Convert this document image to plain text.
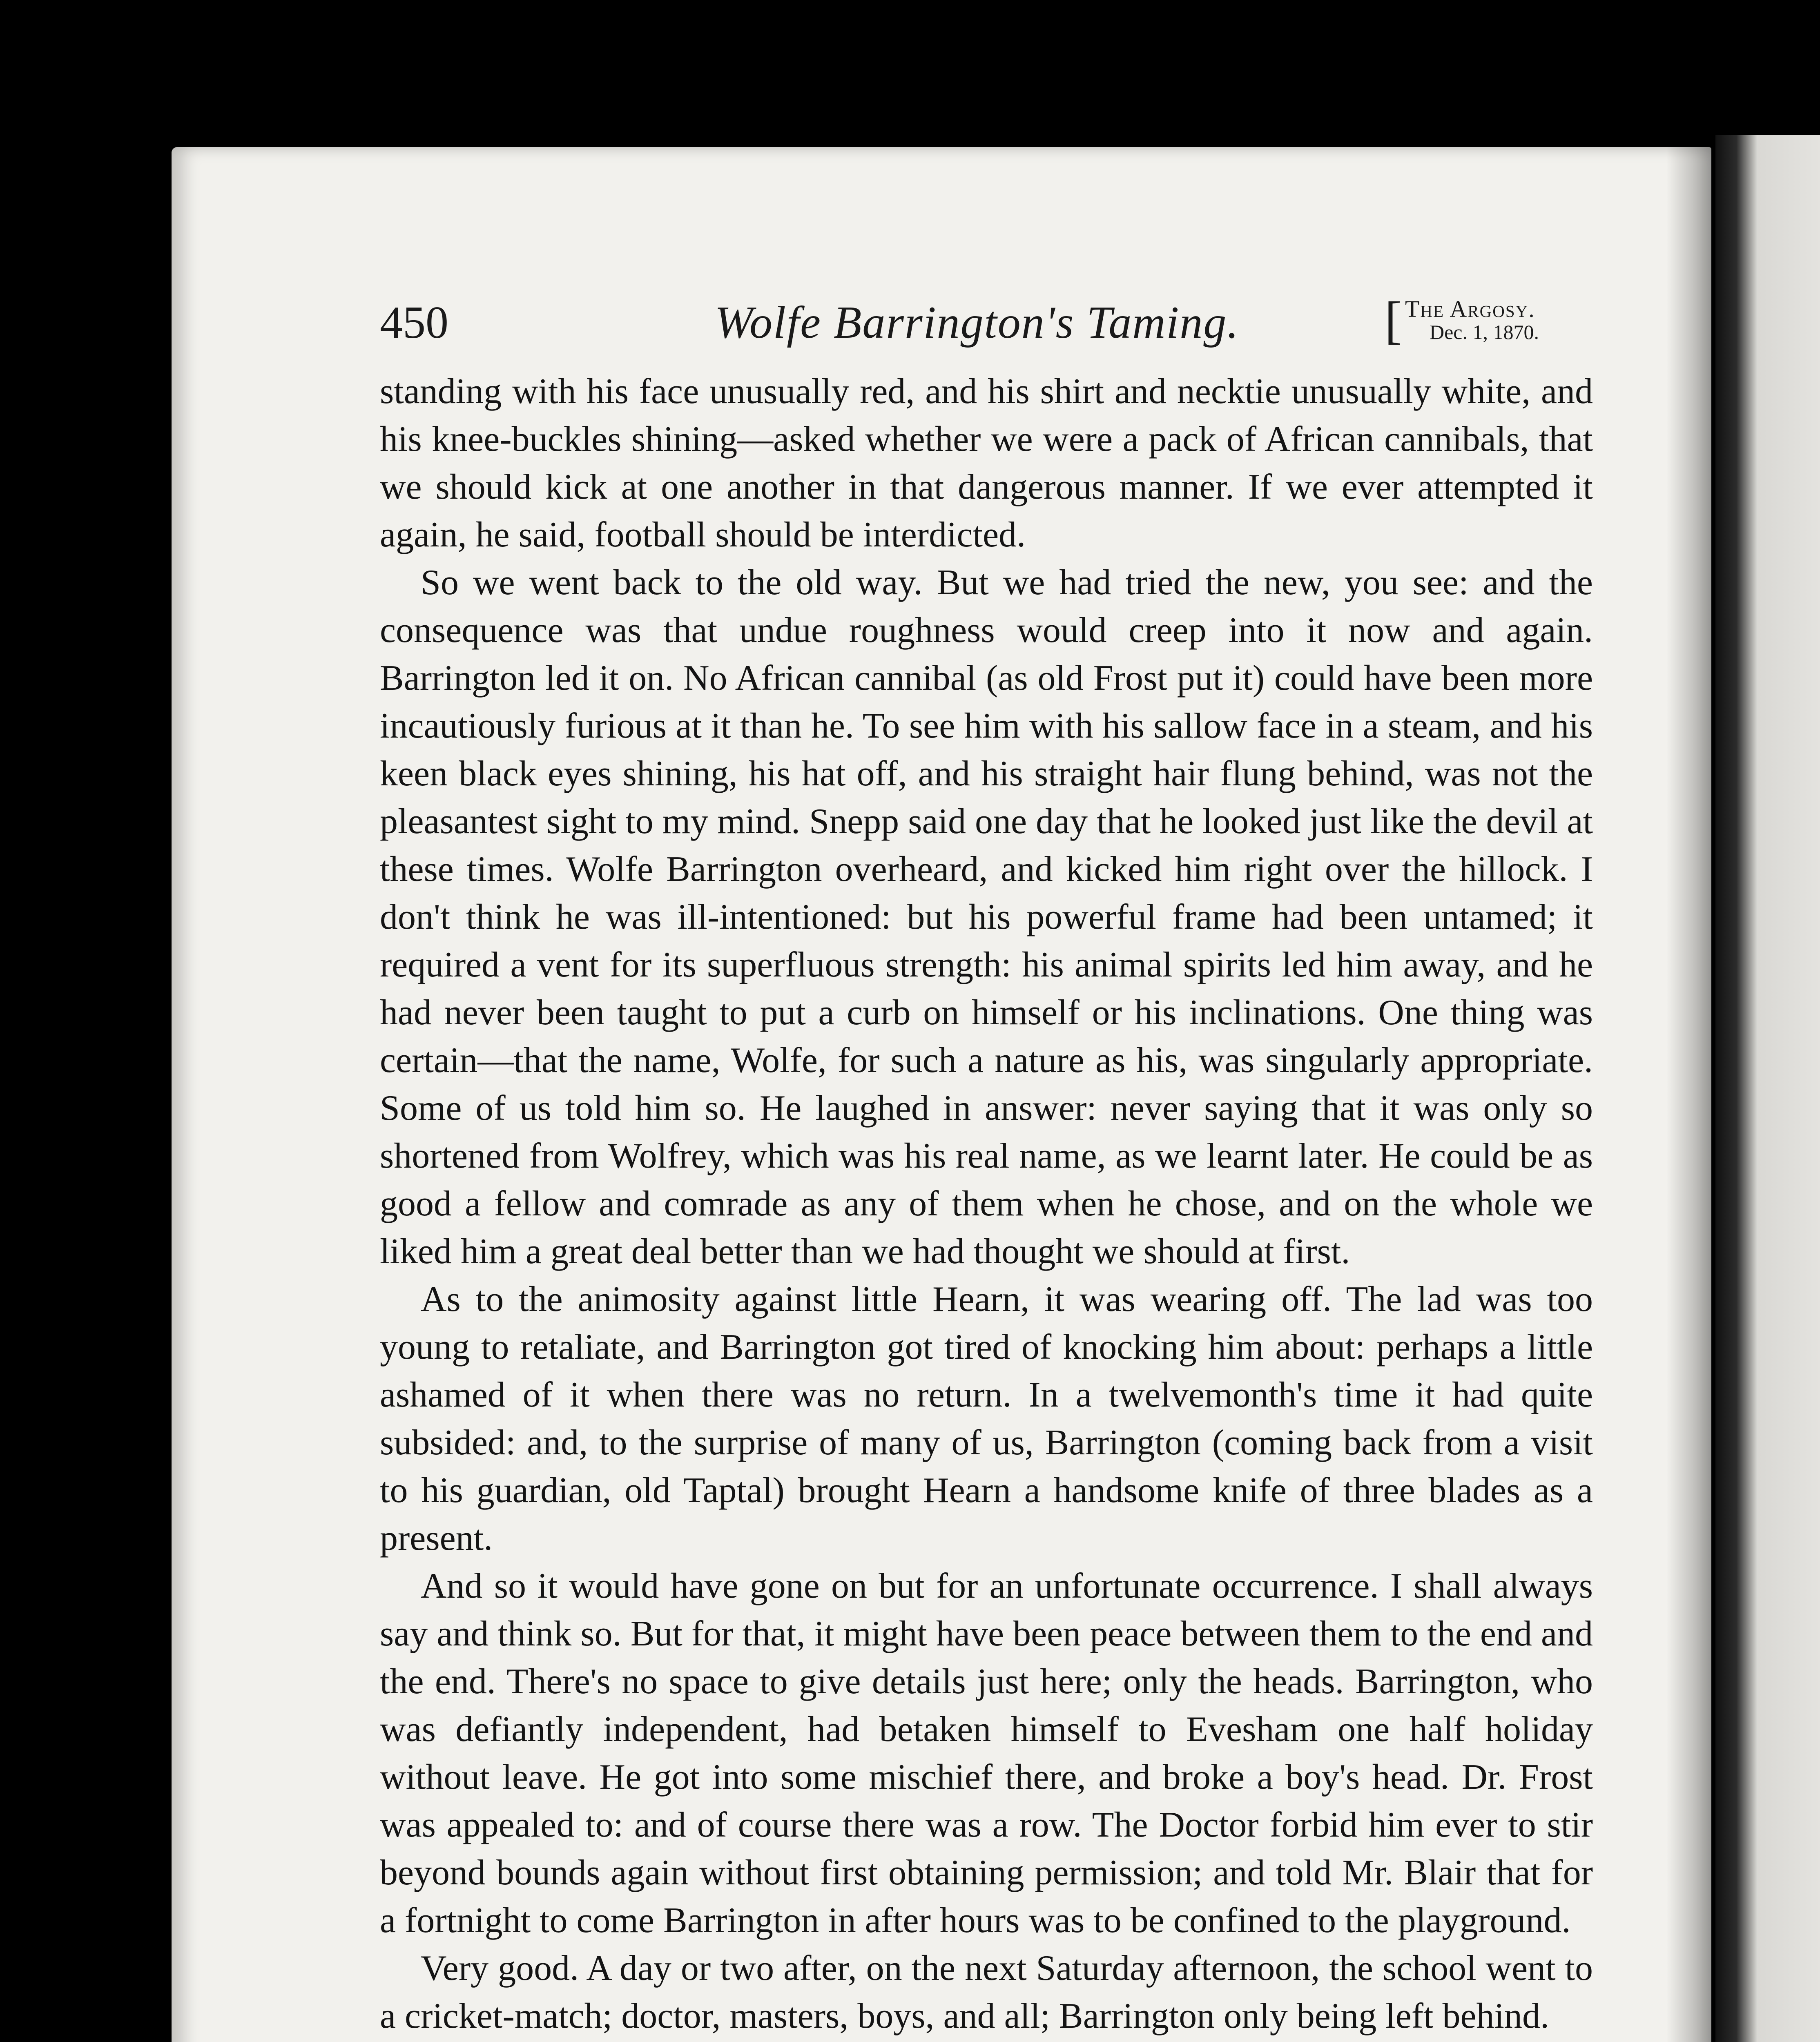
450	Wolfe Barrington's Taming.	[ The Argosy.
Dec. 1, 1870.

standing with his face unusually red, and his shirt and necktie unusually white, and his knee-buckles shining—asked whether we were a pack of African cannibals, that we should kick at one another in that dangerous manner. If we ever attempted it again, he said, football should be interdicted.

So we went back to the old way. But we had tried the new, you see: and the consequence was that undue roughness would creep into it now and again. Barrington led it on. No African cannibal (as old Frost put it) could have been more incautiously furious at it than he. To see him with his sallow face in a steam, and his keen black eyes shining, his hat off, and his straight hair flung behind, was not the pleasantest sight to my mind. Snepp said one day that he looked just like the devil at these times. Wolfe Barrington overheard, and kicked him right over the hillock. I don't think he was ill-intentioned: but his powerful frame had been untamed; it required a vent for its superfluous strength: his animal spirits led him away, and he had never been taught to put a curb on himself or his inclinations. One thing was certain—that the name, Wolfe, for such a nature as his, was singularly appropriate. Some of us told him so. He laughed in answer: never saying that it was only so shortened from Wolfrey, which was his real name, as we learnt later. He could be as good a fellow and comrade as any of them when he chose, and on the whole we liked him a great deal better than we had thought we should at first.

As to the animosity against little Hearn, it was wearing off. The lad was too young to retaliate, and Barrington got tired of knocking him about: perhaps a little ashamed of it when there was no return. In a twelvemonth's time it had quite subsided: and, to the surprise of many of us, Barrington (coming back from a visit to his guardian, old Taptal) brought Hearn a handsome knife of three blades as a present.

And so it would have gone on but for an unfortunate occurrence. I shall always say and think so. But for that, it might have been peace between them to the end and the end. There's no space to give details just here; only the heads. Barrington, who was defiantly independent, had betaken himself to Evesham one half holiday without leave. He got into some mischief there, and broke a boy's head. Dr. Frost was appealed to: and of course there was a row. The Doctor forbid him ever to stir beyond bounds again without first obtaining permission; and told Mr. Blair that for a fortnight to come Barrington in after hours was to be confined to the playground.

Very good. A day or two after, on the next Saturday afternoon, the school went to a cricket-match; doctor, masters, boys, and all; Barrington only being left behind.
